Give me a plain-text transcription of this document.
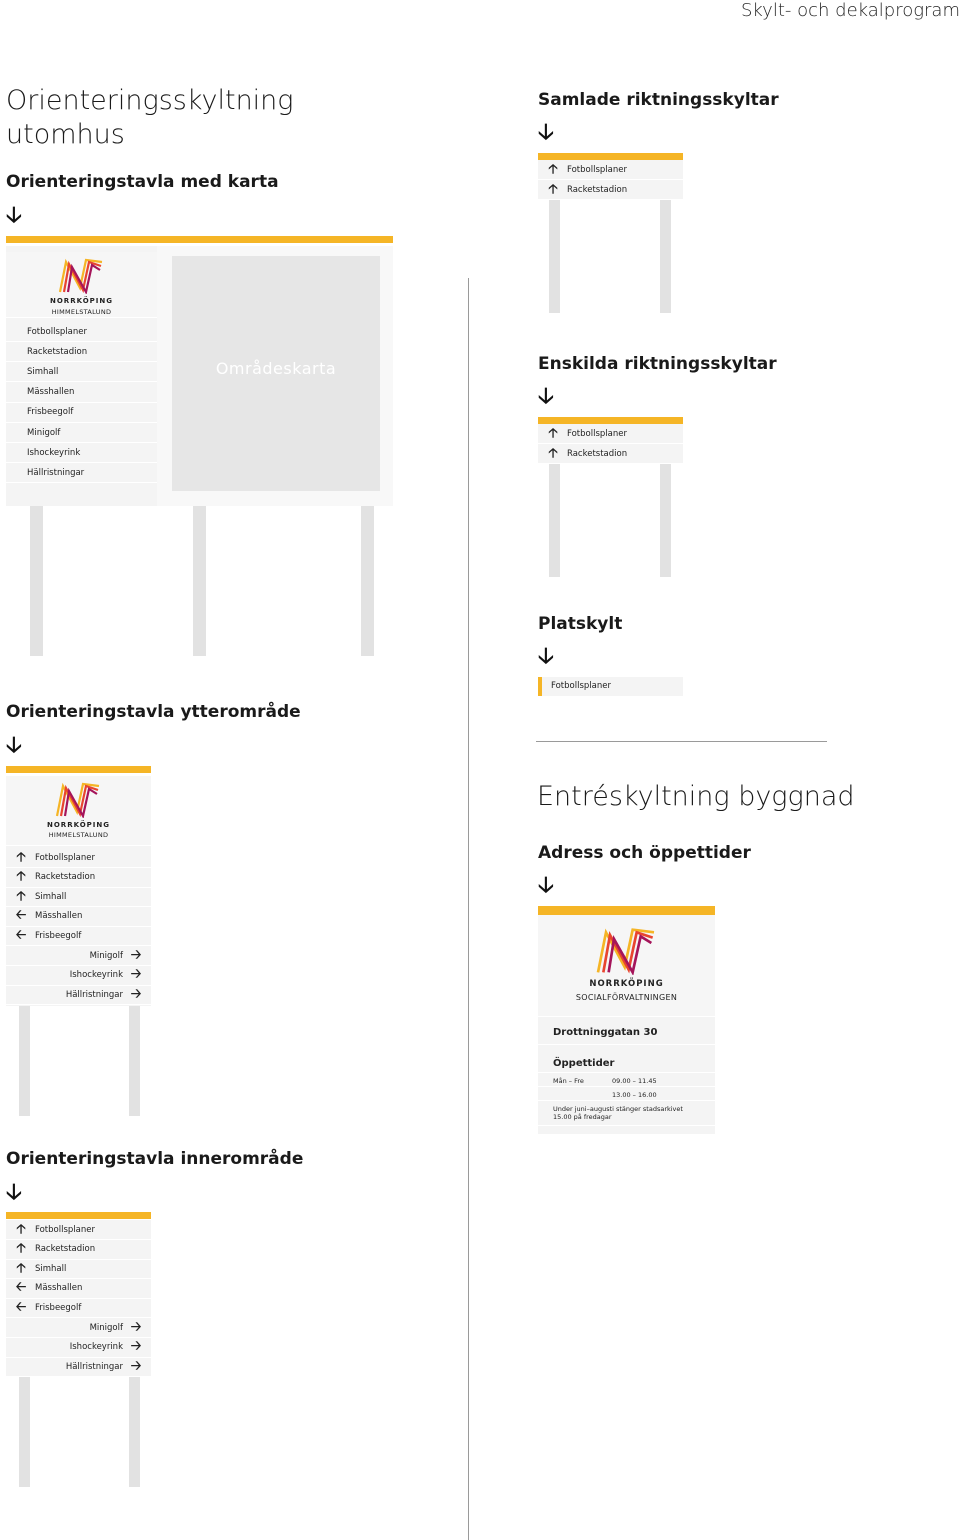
Skylt- och dekalprogram
Orienteringsskyltning utomhus
Orienteringstavla med karta
🡣
NORRKÖPING
HIMMELSTALUND
Fotbollsplaner
Racketstadion
Simhall
Mässhallen
Frisbeegolf
Minigolf
Ishockeyrink
Hällristningar
Områdeskarta
Orienteringstavla ytterområde
🡣
NORRKÖPING
HIMMELSTALUND
🡡 Fotbollsplaner
🡡 Racketstadion
🡡 Simhall
🡠 Mässhallen
🡠 Frisbeegolf
Minigolf 🡢
Ishockeyrink 🡢
Hällristningar 🡢
Orienteringstavla innerområde
🡣
🡡 Fotbollsplaner
🡡 Racketstadion
🡡 Simhall
🡠 Mässhallen
🡠 Frisbeegolf
Minigolf 🡢
Ishockeyrink 🡢
Hällristningar 🡢
Samlade riktningsskyltar
🡣
🡡 Fotbollsplaner
🡡 Racketstadion
Enskilda riktningsskyltar
🡣
🡡 Fotbollsplaner
🡡 Racketstadion
Platskylt
🡣
Fotbollsplaner
Entréskyltning byggnad
Adress och öppettider
🡣
NORRKÖPING
SOCIALFÖRVALTNINGEN
Drottninggatan 30
Öppettider
Mån – Fre	09.00 – 11.45
13.00 – 16.00
Under juni–augusti stänger stadsarkivet 15.00 på fredagar
